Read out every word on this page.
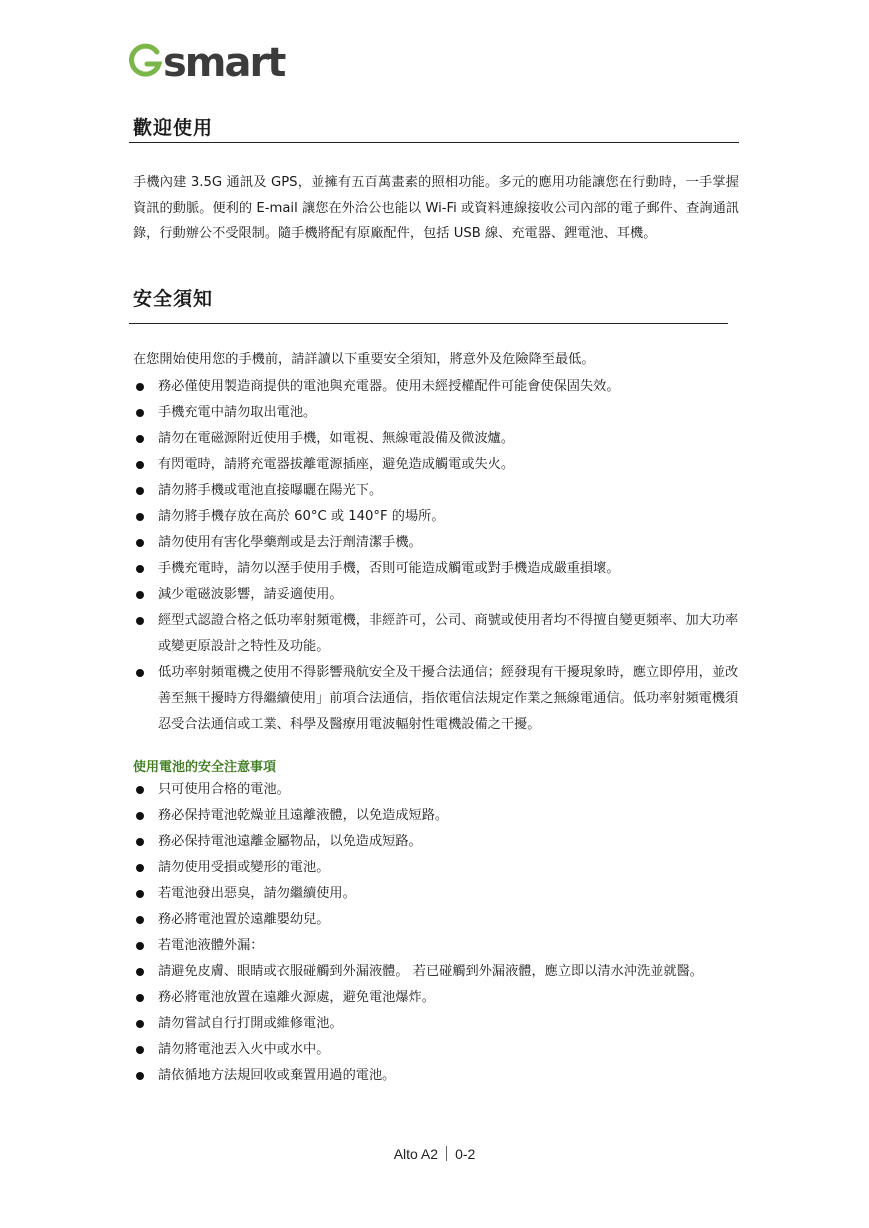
smart
歡迎使用

手機內建 3.5G 通訊及 GPS，並擁有五百萬畫素的照相功能。多元的應用功能讓您在行動時，一手掌握資訊的動脈。便利的 E-mail 讓您在外洽公也能以 Wi-Fi 或資料連線接收公司內部的電子郵件、查詢通訊錄，行動辦公不受限制。隨手機將配有原廠配件，包括 USB 線、充電器、鋰電池、耳機。

安全須知

在您開始使用您的手機前，請詳讀以下重要安全須知，將意外及危險降至最低。

務必僅使用製造商提供的電池與充電器。使用未經授權配件可能會使保固失效。
手機充電中請勿取出電池。
請勿在電磁源附近使用手機，如電視、無線電設備及微波爐。
有閃電時，請將充電器拔離電源插座，避免造成觸電或失火。
請勿將手機或電池直接曝曬在陽光下。
請勿將手機存放在高於 60°C 或 140°F 的場所。
請勿使用有害化學藥劑或是去汙劑清潔手機。
手機充電時，請勿以溼手使用手機，否則可能造成觸電或對手機造成嚴重損壞。
減少電磁波影響，請妥適使用。
經型式認證合格之低功率射頻電機，非經許可，公司、商號或使用者均不得擅自變更頻率、加大功率或變更原設計之特性及功能。
低功率射頻電機之使用不得影響飛航安全及干擾合法通信；經發現有干擾現象時，應立即停用，並改善至無干擾時方得繼續使用」前項合法通信，指依電信法規定作業之無線電通信。低功率射頻電機須忍受合法通信或工業、科學及醫療用電波輻射性電機設備之干擾。
使用電池的安全注意事項
只可使用合格的電池。
務必保持電池乾燥並且遠離液體，以免造成短路。
務必保持電池遠離金屬物品，以免造成短路。
請勿使用受損或變形的電池。
若電池發出惡臭，請勿繼續使用。
務必將電池置於遠離嬰幼兒。
若電池液體外漏：
請避免皮膚、眼睛或衣服碰觸到外漏液體。 若已碰觸到外漏液體，應立即以清水沖洗並就醫。
務必將電池放置在遠離火源處，避免電池爆炸。
請勿嘗試自行打開或維修電池。
請勿將電池丟入火中或水中。
請依循地方法規回收或棄置用過的電池。
Alto A2 0-2
